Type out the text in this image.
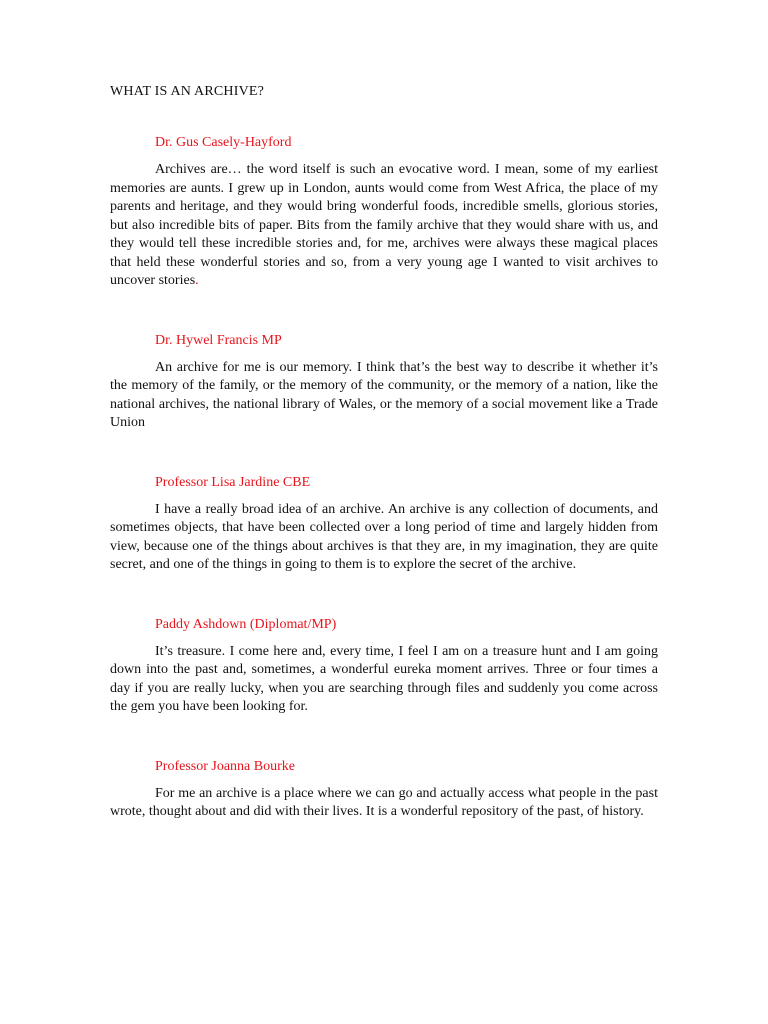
WHAT IS AN ARCHIVE?
Dr. Gus Casely-Hayford

Archives are… the word itself is such an evocative word. I mean, some of my earliest memories are aunts. I grew up in London, aunts would come from West Africa, the place of my parents and heritage, and they would bring wonderful foods, incredible smells, glorious stories, but also incredible bits of paper. Bits from the family archive that they would share with us, and they would tell these incredible stories and, for me, archives were always these magical places that held these wonderful stories and so, from a very young age I wanted to visit archives to uncover stories.

Dr. Hywel Francis MP

An archive for me is our memory. I think that’s the best way to describe it whether it’s the memory of the family, or the memory of the community, or the memory of a nation, like the national archives, the national library of Wales, or the memory of a social movement like a Trade Union

Professor Lisa Jardine CBE

I have a really broad idea of an archive. An archive is any collection of documents, and sometimes objects, that have been collected over a long period of time and largely hidden from view, because one of the things about archives is that they are, in my imagination, they are quite secret, and one of the things in going to them is to explore the secret of the archive.

Paddy Ashdown (Diplomat/MP)

It’s treasure. I come here and, every time, I feel I am on a treasure hunt and I am going down into the past and, sometimes, a wonderful eureka moment arrives. Three or four times a day if you are really lucky, when you are searching through files and suddenly you come across the gem you have been looking for.

Professor Joanna Bourke

For me an archive is a place where we can go and actually access what people in the past wrote, thought about and did with their lives. It is a wonderful repository of the past, of history.
